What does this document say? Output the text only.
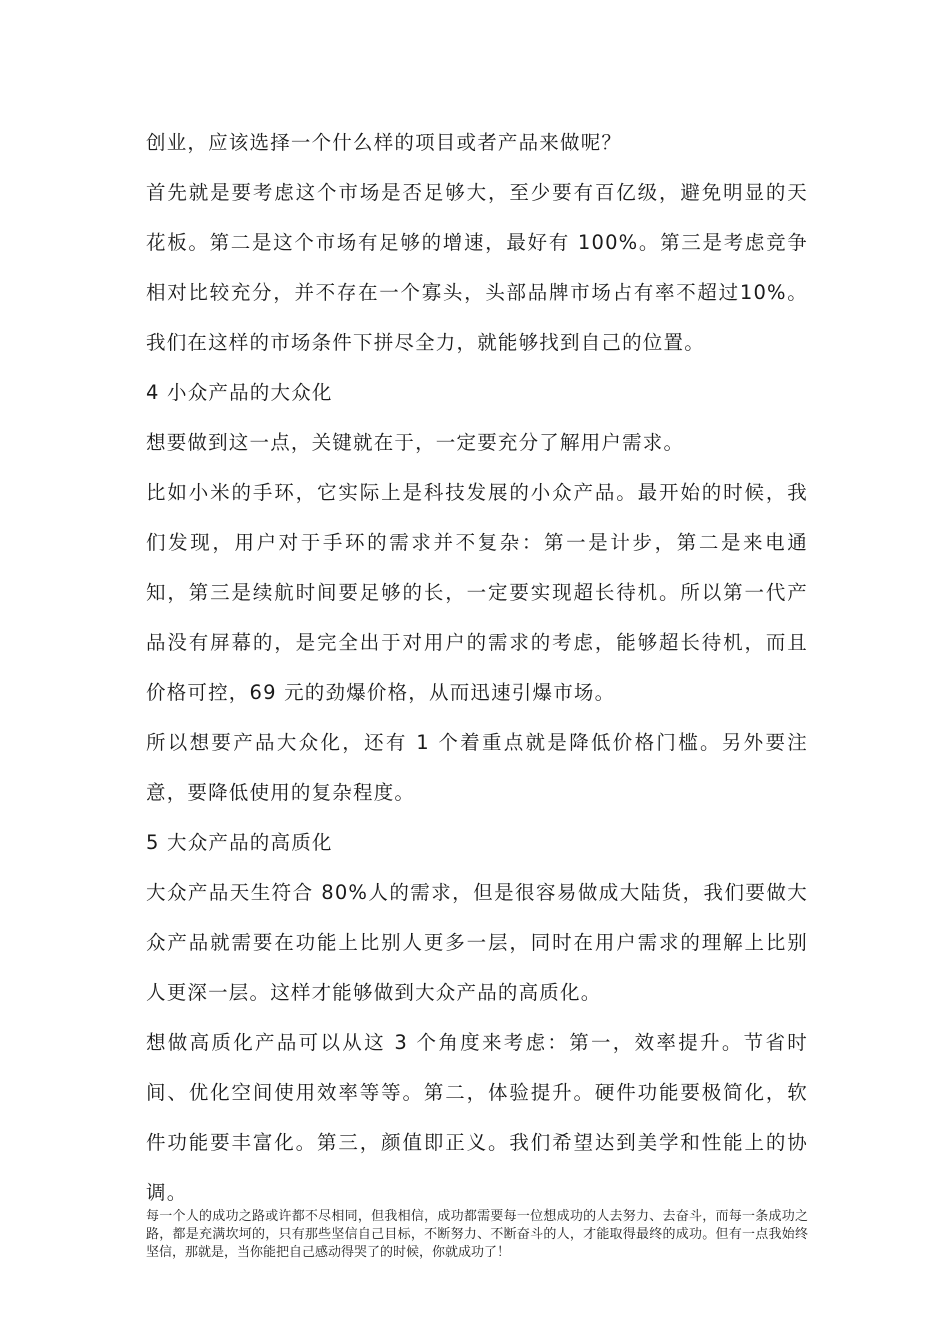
创业，应该选择一个什么样的项目或者产品来做呢？

首先就是要考虑这个市场是否足够大，至少要有百亿级，避免明显的天花板。第二是这个市场有足够的增速，最好有 100%。第三是考虑竞争相对比较充分，并不存在一个寡头，头部品牌市场占有率不超过10%。我们在这样的市场条件下拼尽全力，就能够找到自己的位置。

4 小众产品的大众化

想要做到这一点，关键就在于，一定要充分了解用户需求。

比如小米的手环，它实际上是科技发展的小众产品。最开始的时候，我们发现，用户对于手环的需求并不复杂：第一是计步，第二是来电通知，第三是续航时间要足够的长，一定要实现超长待机。所以第一代产品没有屏幕的，是完全出于对用户的需求的考虑，能够超长待机，而且价格可控，69 元的劲爆价格，从而迅速引爆市场。

所以想要产品大众化，还有 1 个着重点就是降低价格门槛。另外要注意，要降低使用的复杂程度。

5 大众产品的高质化

大众产品天生符合 80%人的需求，但是很容易做成大陆货，我们要做大众产品就需要在功能上比别人更多一层，同时在用户需求的理解上比别人更深一层。这样才能够做到大众产品的高质化。

想做高质化产品可以从这 3 个角度来考虑：第一，效率提升。节省时间、优化空间使用效率等等。第二，体验提升。硬件功能要极简化，软件功能要丰富化。第三，颜值即正义。我们希望达到美学和性能上的协调。

每一个人的成功之路或许都不尽相同，但我相信，成功都需要每一位想成功的人去努力、去奋斗，而每一条成功之路，都是充满坎坷的，只有那些坚信自己目标，不断努力、不断奋斗的人，才能取得最终的成功。但有一点我始终坚信，那就是，当你能把自己感动得哭了的时候，你就成功了！
